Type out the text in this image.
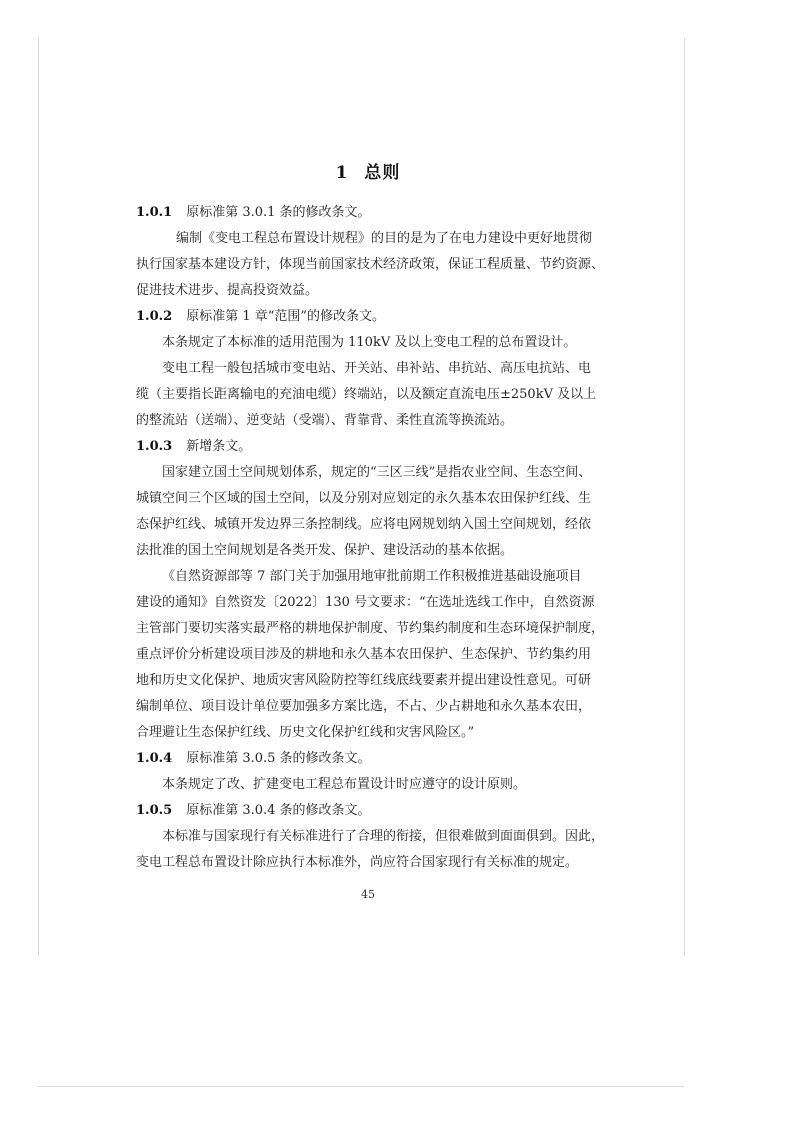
1 总则
1.0.1 原标准第 3.0.1 条的修改条文。
编制《变电工程总布置设计规程》的目的是为了在电力建设中更好地贯彻
执行国家基本建设方针，体现当前国家技术经济政策，保证工程质量、节约资源、
促进技术进步、提高投资效益。
1.0.2 原标准第 1 章“范围”的修改条文。
本条规定了本标准的适用范围为 110kV 及以上变电工程的总布置设计。
变电工程一般包括城市变电站、开关站、串补站、串抗站、高压电抗站、电
缆（主要指长距离输电的充油电缆）终端站，以及额定直流电压±250kV 及以上
的整流站（送端）、逆变站（受端）、背靠背、柔性直流等换流站。
1.0.3 新增条文。
国家建立国土空间规划体系，规定的“三区三线”是指农业空间、生态空间、
城镇空间三个区域的国土空间，以及分别对应划定的永久基本农田保护红线、生
态保护红线、城镇开发边界三条控制线。应将电网规划纳入国土空间规划，经依
法批准的国土空间规划是各类开发、保护、建设活动的基本依据。
《自然资源部等 7 部门关于加强用地审批前期工作积极推进基础设施项目
建设的通知》自然资发〔2022〕130 号文要求：“在选址选线工作中，自然资源
主管部门要切实落实最严格的耕地保护制度、节约集约制度和生态环境保护制度，
重点评价分析建设项目涉及的耕地和永久基本农田保护、生态保护、节约集约用
地和历史文化保护、地质灾害风险防控等红线底线要素并提出建设性意见。可研
编制单位、项目设计单位要加强多方案比选，不占、少占耕地和永久基本农田，
合理避让生态保护红线、历史文化保护红线和灾害风险区。”
1.0.4 原标准第 3.0.5 条的修改条文。
本条规定了改、扩建变电工程总布置设计时应遵守的设计原则。
1.0.5 原标准第 3.0.4 条的修改条文。
本标准与国家现行有关标准进行了合理的衔接，但很难做到面面俱到。因此，
变电工程总布置设计除应执行本标准外，尚应符合国家现行有关标准的规定。
45
